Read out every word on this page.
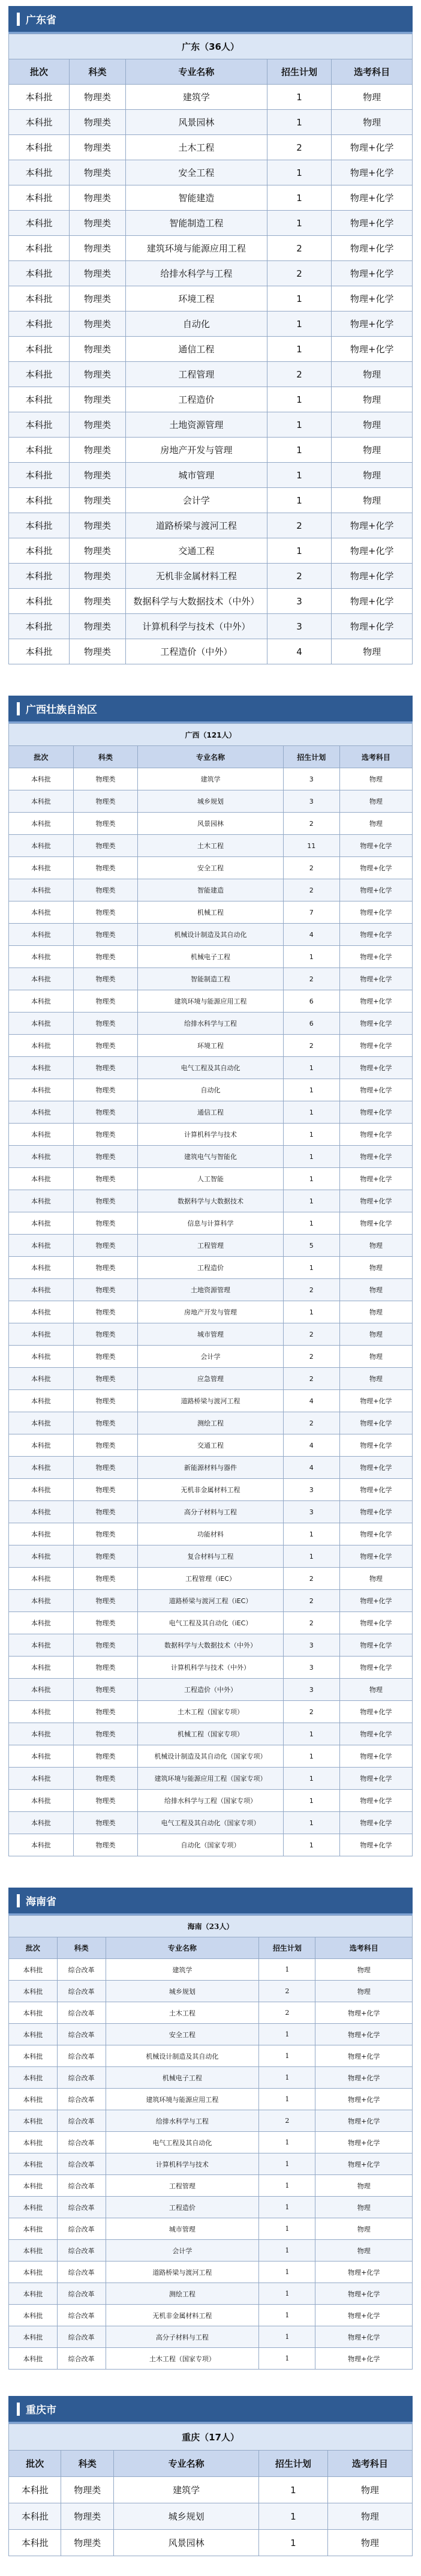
广东省
广东（36人）				
批次	科类	专业名称	招生计划	选考科目
本科批	物理类	建筑学	1	物理
本科批	物理类	风景园林	1	物理
本科批	物理类	土木工程	2	物理+化学
本科批	物理类	安全工程	1	物理+化学
本科批	物理类	智能建造	1	物理+化学
本科批	物理类	智能制造工程	1	物理+化学
本科批	物理类	建筑环境与能源应用工程	2	物理+化学
本科批	物理类	给排水科学与工程	2	物理+化学
本科批	物理类	环境工程	1	物理+化学
本科批	物理类	自动化	1	物理+化学
本科批	物理类	通信工程	1	物理+化学
本科批	物理类	工程管理	2	物理
本科批	物理类	工程造价	1	物理
本科批	物理类	土地资源管理	1	物理
本科批	物理类	房地产开发与管理	1	物理
本科批	物理类	城市管理	1	物理
本科批	物理类	会计学	1	物理
本科批	物理类	道路桥梁与渡河工程	2	物理+化学
本科批	物理类	交通工程	1	物理+化学
本科批	物理类	无机非金属材料工程	2	物理+化学
本科批	物理类	数据科学与大数据技术（中外）	3	物理+化学
本科批	物理类	计算机科学与技术（中外）	3	物理+化学
本科批	物理类	工程造价（中外）	4	物理
广西壮族自治区
广西（121人）				
批次	科类	专业名称	招生计划	选考科目
本科批	物理类	建筑学	3	物理
本科批	物理类	城乡规划	3	物理
本科批	物理类	风景园林	2	物理
本科批	物理类	土木工程	11	物理+化学
本科批	物理类	安全工程	2	物理+化学
本科批	物理类	智能建造	2	物理+化学
本科批	物理类	机械工程	7	物理+化学
本科批	物理类	机械设计制造及其自动化	4	物理+化学
本科批	物理类	机械电子工程	1	物理+化学
本科批	物理类	智能制造工程	2	物理+化学
本科批	物理类	建筑环境与能源应用工程	6	物理+化学
本科批	物理类	给排水科学与工程	6	物理+化学
本科批	物理类	环境工程	2	物理+化学
本科批	物理类	电气工程及其自动化	1	物理+化学
本科批	物理类	自动化	1	物理+化学
本科批	物理类	通信工程	1	物理+化学
本科批	物理类	计算机科学与技术	1	物理+化学
本科批	物理类	建筑电气与智能化	1	物理+化学
本科批	物理类	人工智能	1	物理+化学
本科批	物理类	数据科学与大数据技术	1	物理+化学
本科批	物理类	信息与计算科学	1	物理+化学
本科批	物理类	工程管理	5	物理
本科批	物理类	工程造价	1	物理
本科批	物理类	土地资源管理	2	物理
本科批	物理类	房地产开发与管理	1	物理
本科批	物理类	城市管理	2	物理
本科批	物理类	会计学	2	物理
本科批	物理类	应急管理	2	物理
本科批	物理类	道路桥梁与渡河工程	4	物理+化学
本科批	物理类	测绘工程	2	物理+化学
本科批	物理类	交通工程	4	物理+化学
本科批	物理类	新能源材料与器件	4	物理+化学
本科批	物理类	无机非金属材料工程	3	物理+化学
本科批	物理类	高分子材料与工程	3	物理+化学
本科批	物理类	功能材料	1	物理+化学
本科批	物理类	复合材料与工程	1	物理+化学
本科批	物理类	工程管理（iEC）	2	物理
本科批	物理类	道路桥梁与渡河工程（iEC）	2	物理+化学
本科批	物理类	电气工程及其自动化（iEC）	2	物理+化学
本科批	物理类	数据科学与大数据技术（中外）	3	物理+化学
本科批	物理类	计算机科学与技术（中外）	3	物理+化学
本科批	物理类	工程造价（中外）	3	物理
本科批	物理类	土木工程（国家专项）	2	物理+化学
本科批	物理类	机械工程（国家专项）	1	物理+化学
本科批	物理类	机械设计制造及其自动化（国家专项）	1	物理+化学
本科批	物理类	建筑环境与能源应用工程（国家专项）	1	物理+化学
本科批	物理类	给排水科学与工程（国家专项）	1	物理+化学
本科批	物理类	电气工程及其自动化（国家专项）	1	物理+化学
本科批	物理类	自动化（国家专项）	1	物理+化学
海南省
海南（23人）				
批次	科类	专业名称	招生计划	选考科目
本科批	综合改革	建筑学	1	物理
本科批	综合改革	城乡规划	2	物理
本科批	综合改革	土木工程	2	物理+化学
本科批	综合改革	安全工程	1	物理+化学
本科批	综合改革	机械设计制造及其自动化	1	物理+化学
本科批	综合改革	机械电子工程	1	物理+化学
本科批	综合改革	建筑环境与能源应用工程	1	物理+化学
本科批	综合改革	给排水科学与工程	2	物理+化学
本科批	综合改革	电气工程及其自动化	1	物理+化学
本科批	综合改革	计算机科学与技术	1	物理+化学
本科批	综合改革	工程管理	1	物理
本科批	综合改革	工程造价	1	物理
本科批	综合改革	城市管理	1	物理
本科批	综合改革	会计学	1	物理
本科批	综合改革	道路桥梁与渡河工程	1	物理+化学
本科批	综合改革	测绘工程	1	物理+化学
本科批	综合改革	无机非金属材料工程	1	物理+化学
本科批	综合改革	高分子材料与工程	1	物理+化学
本科批	综合改革	土木工程（国家专项）	1	物理+化学
重庆市
重庆（17人）				
批次	科类	专业名称	招生计划	选考科目
本科批	物理类	建筑学	1	物理
本科批	物理类	城乡规划	1	物理
本科批	物理类	风景园林	1	物理
